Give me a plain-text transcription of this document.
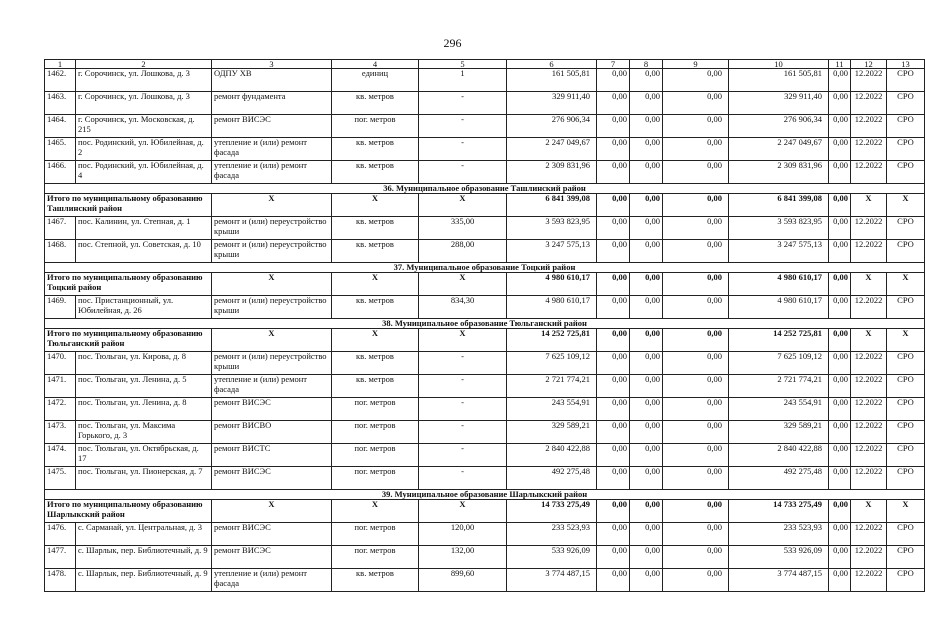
296
1	2	3	4	5	6	7	8	9	10	11	12	13
1462.	г. Сорочинск, ул. Лошкова, д. 3	ОДПУ ХВ	единиц	1	161 505,81	0,00	0,00	0,00	161 505,81	0,00	12.2022	СРО
1463.	г. Сорочинск, ул. Лошкова, д. 3	ремонт фундамента	кв. метров	-	329 911,40	0,00	0,00	0,00	329 911,40	0,00	12.2022	СРО
1464.	г. Сорочинск, ул. Московская, д. 215	ремонт ВИСЭС	пог. метров	-	276 906,34	0,00	0,00	0,00	276 906,34	0,00	12.2022	СРО
1465.	пос. Родинский, ул. Юбилейная, д. 2	утепление и (или) ремонт фасада	кв. метров	-	2 247 049,67	0,00	0,00	0,00	2 247 049,67	0,00	12.2022	СРО
1466.	пос. Родинский, ул. Юбилейная, д. 4	утепление и (или) ремонт фасада	кв. метров	-	2 309 831,96	0,00	0,00	0,00	2 309 831,96	0,00	12.2022	СРО
36. Муниципальное образование Ташлинский район												
Итого по муниципальному образованию Ташлинский район		Х	Х	Х	6 841 399,08	0,00	0,00	0,00	6 841 399,08	0,00	Х	Х
1467.	пос. Калинин, ул. Степная, д. 1	ремонт и (или) переустройство крыши	кв. метров	335,00	3 593 823,95	0,00	0,00	0,00	3 593 823,95	0,00	12.2022	СРО
1468.	пос. Степной, ул. Советская, д. 10	ремонт и (или) переустройство крыши	кв. метров	288,00	3 247 575,13	0,00	0,00	0,00	3 247 575,13	0,00	12.2022	СРО
37. Муниципальное образование Тоцкий район												
Итого по муниципальному образованию Тоцкий район		Х	Х	Х	4 980 610,17	0,00	0,00	0,00	4 980 610,17	0,00	Х	Х
1469.	пос. Пристанционный, ул. Юбилейная, д. 26	ремонт и (или) переустройство крыши	кв. метров	834,30	4 980 610,17	0,00	0,00	0,00	4 980 610,17	0,00	12.2022	СРО
38. Муниципальное образование Тюльганский район												
Итого по муниципальному образованию Тюльганский район		Х	Х	Х	14 252 725,81	0,00	0,00	0,00	14 252 725,81	0,00	Х	Х
1470.	пос. Тюльган, ул. Кирова, д. 8	ремонт и (или) переустройство крыши	кв. метров	-	7 625 109,12	0,00	0,00	0,00	7 625 109,12	0,00	12.2022	СРО
1471.	пос. Тюльган, ул. Ленина, д. 5	утепление и (или) ремонт фасада	кв. метров	-	2 721 774,21	0,00	0,00	0,00	2 721 774,21	0,00	12.2022	СРО
1472.	пос. Тюльган, ул. Ленина, д. 8	ремонт ВИСЭС	пог. метров	-	243 554,91	0,00	0,00	0,00	243 554,91	0,00	12.2022	СРО
1473.	пос. Тюльган, ул. Максима Горького, д. 3	ремонт ВИСВО	пог. метров	-	329 589,21	0,00	0,00	0,00	329 589,21	0,00	12.2022	СРО
1474.	пос. Тюльган, ул. Октябрьская, д. 17	ремонт ВИСТС	пог. метров	-	2 840 422,88	0,00	0,00	0,00	2 840 422,88	0,00	12.2022	СРО
1475.	пос. Тюльган, ул. Пионерская, д. 7	ремонт ВИСЭС	пог. метров	-	492 275,48	0,00	0,00	0,00	492 275,48	0,00	12.2022	СРО
39. Муниципальное образование Шарлыкский район												
Итого по муниципальному образованию Шарлыкский район		Х	Х	Х	14 733 275,49	0,00	0,00	0,00	14 733 275,49	0,00	Х	Х
1476.	с. Сарманай, ул. Центральная, д. 3	ремонт ВИСЭС	пог. метров	120,00	233 523,93	0,00	0,00	0,00	233 523,93	0,00	12.2022	СРО
1477.	с. Шарлык, пер. Библиотечный, д. 9	ремонт ВИСЭС	пог. метров	132,00	533 926,09	0,00	0,00	0,00	533 926,09	0,00	12.2022	СРО
1478.	с. Шарлык, пер. Библиотечный, д. 9	утепление и (или) ремонт фасада	кв. метров	899,60	3 774 487,15	0,00	0,00	0,00	3 774 487,15	0,00	12.2022	СРО
